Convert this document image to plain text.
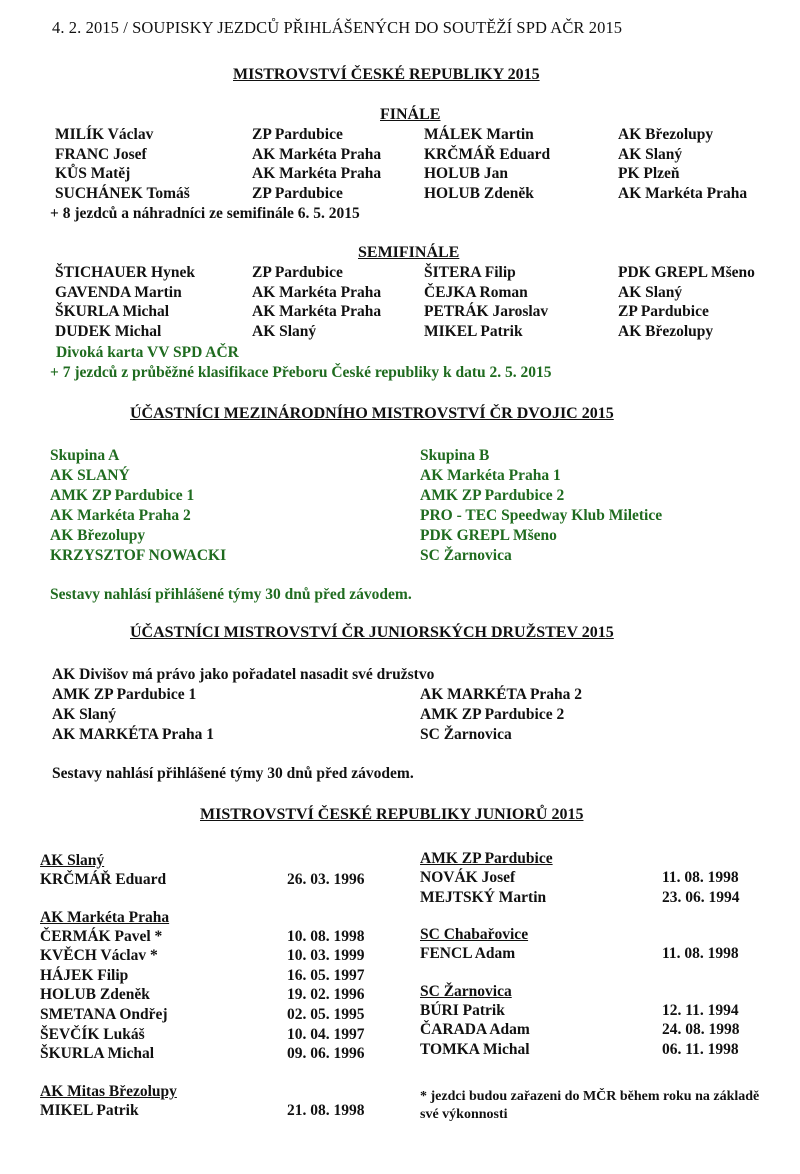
4. 2. 2015 / SOUPISKY JEZDCŮ PŘIHLÁŠENÝCH DO SOUTĚŽÍ SPD AČR 2015
MISTROVSTVÍ ČESKÉ REPUBLIKY 2015
FINÁLE
MILÍK Václav	ZP Pardubice	MÁLEK Martin	AK Březolupy
FRANC Josef	AK Markéta Praha	KRČMÁŘ Eduard	AK Slaný
KŮS Matěj	AK Markéta Praha	HOLUB Jan	PK Plzeň
SUCHÁNEK Tomáš	ZP Pardubice	HOLUB Zdeněk	AK Markéta Praha
+ 8 jezdců a náhradníci ze semifinále 6. 5. 2015
SEMIFINÁLE
ŠTICHAUER Hynek	ZP Pardubice	ŠITERA Filip	PDK GREPL Mšeno
GAVENDA Martin	AK Markéta Praha	ČEJKA Roman	AK Slaný
ŠKURLA Michal	AK Markéta Praha	PETRÁK Jaroslav	ZP Pardubice
DUDEK Michal	AK Slaný	MIKEL Patrik	AK Březolupy
Divoká karta VV SPD AČR
+ 7 jezdců z průběžné klasifikace Přeboru České republiky k datu 2. 5. 2015
ÚČASTNÍCI MEZINÁRODNÍHO MISTROVSTVÍ ČR DVOJIC 2015
Skupina A
AK SLANÝ
AMK ZP Pardubice 1
AK Markéta Praha 2
AK Březolupy
KRZYSZTOF NOWACKI
Skupina B
AK Markéta Praha 1
AMK ZP Pardubice 2
PRO - TEC Speedway Klub Miletice
PDK GREPL Mšeno
SC Žarnovica
Sestavy nahlásí přihlášené týmy 30 dnů před závodem.
ÚČASTNÍCI MISTROVSTVÍ ČR JUNIORSKÝCH DRUŽSTEV 2015
AK Divišov má právo jako pořadatel nasadit své družstvo
AMK ZP Pardubice 1
AK Slaný
AK MARKÉTA Praha 1
AK MARKÉTA Praha 2
AMK ZP Pardubice 2
SC Žarnovica
Sestavy nahlásí přihlášené týmy 30 dnů před závodem.
MISTROVSTVÍ ČESKÉ REPUBLIKY JUNIORŮ 2015
AK Slaný
KRČMÁŘ Eduard	26. 03. 1996
AK Markéta Praha
ČERMÁK Pavel *	10. 08. 1998
KVĚCH Václav *	10. 03. 1999
HÁJEK Filip	16. 05. 1997
HOLUB Zdeněk	19. 02. 1996
SMETANA Ondřej	02. 05. 1995
ŠEVČÍK Lukáš	10. 04. 1997
ŠKURLA Michal	09. 06. 1996
AK Mitas Březolupy
MIKEL Patrik	21. 08. 1998
AMK ZP Pardubice
NOVÁK Josef	11. 08. 1998
MEJTSKÝ Martin	23. 06. 1994
SC Chabařovice
FENCL Adam	11. 08. 1998
SC Žarnovica
BÚRI Patrik	12. 11. 1994
ČARADA Adam	24. 08. 1998
TOMKA Michal	06. 11. 1998
* jezdci budou zařazeni do MČR během roku na základě své výkonnosti
